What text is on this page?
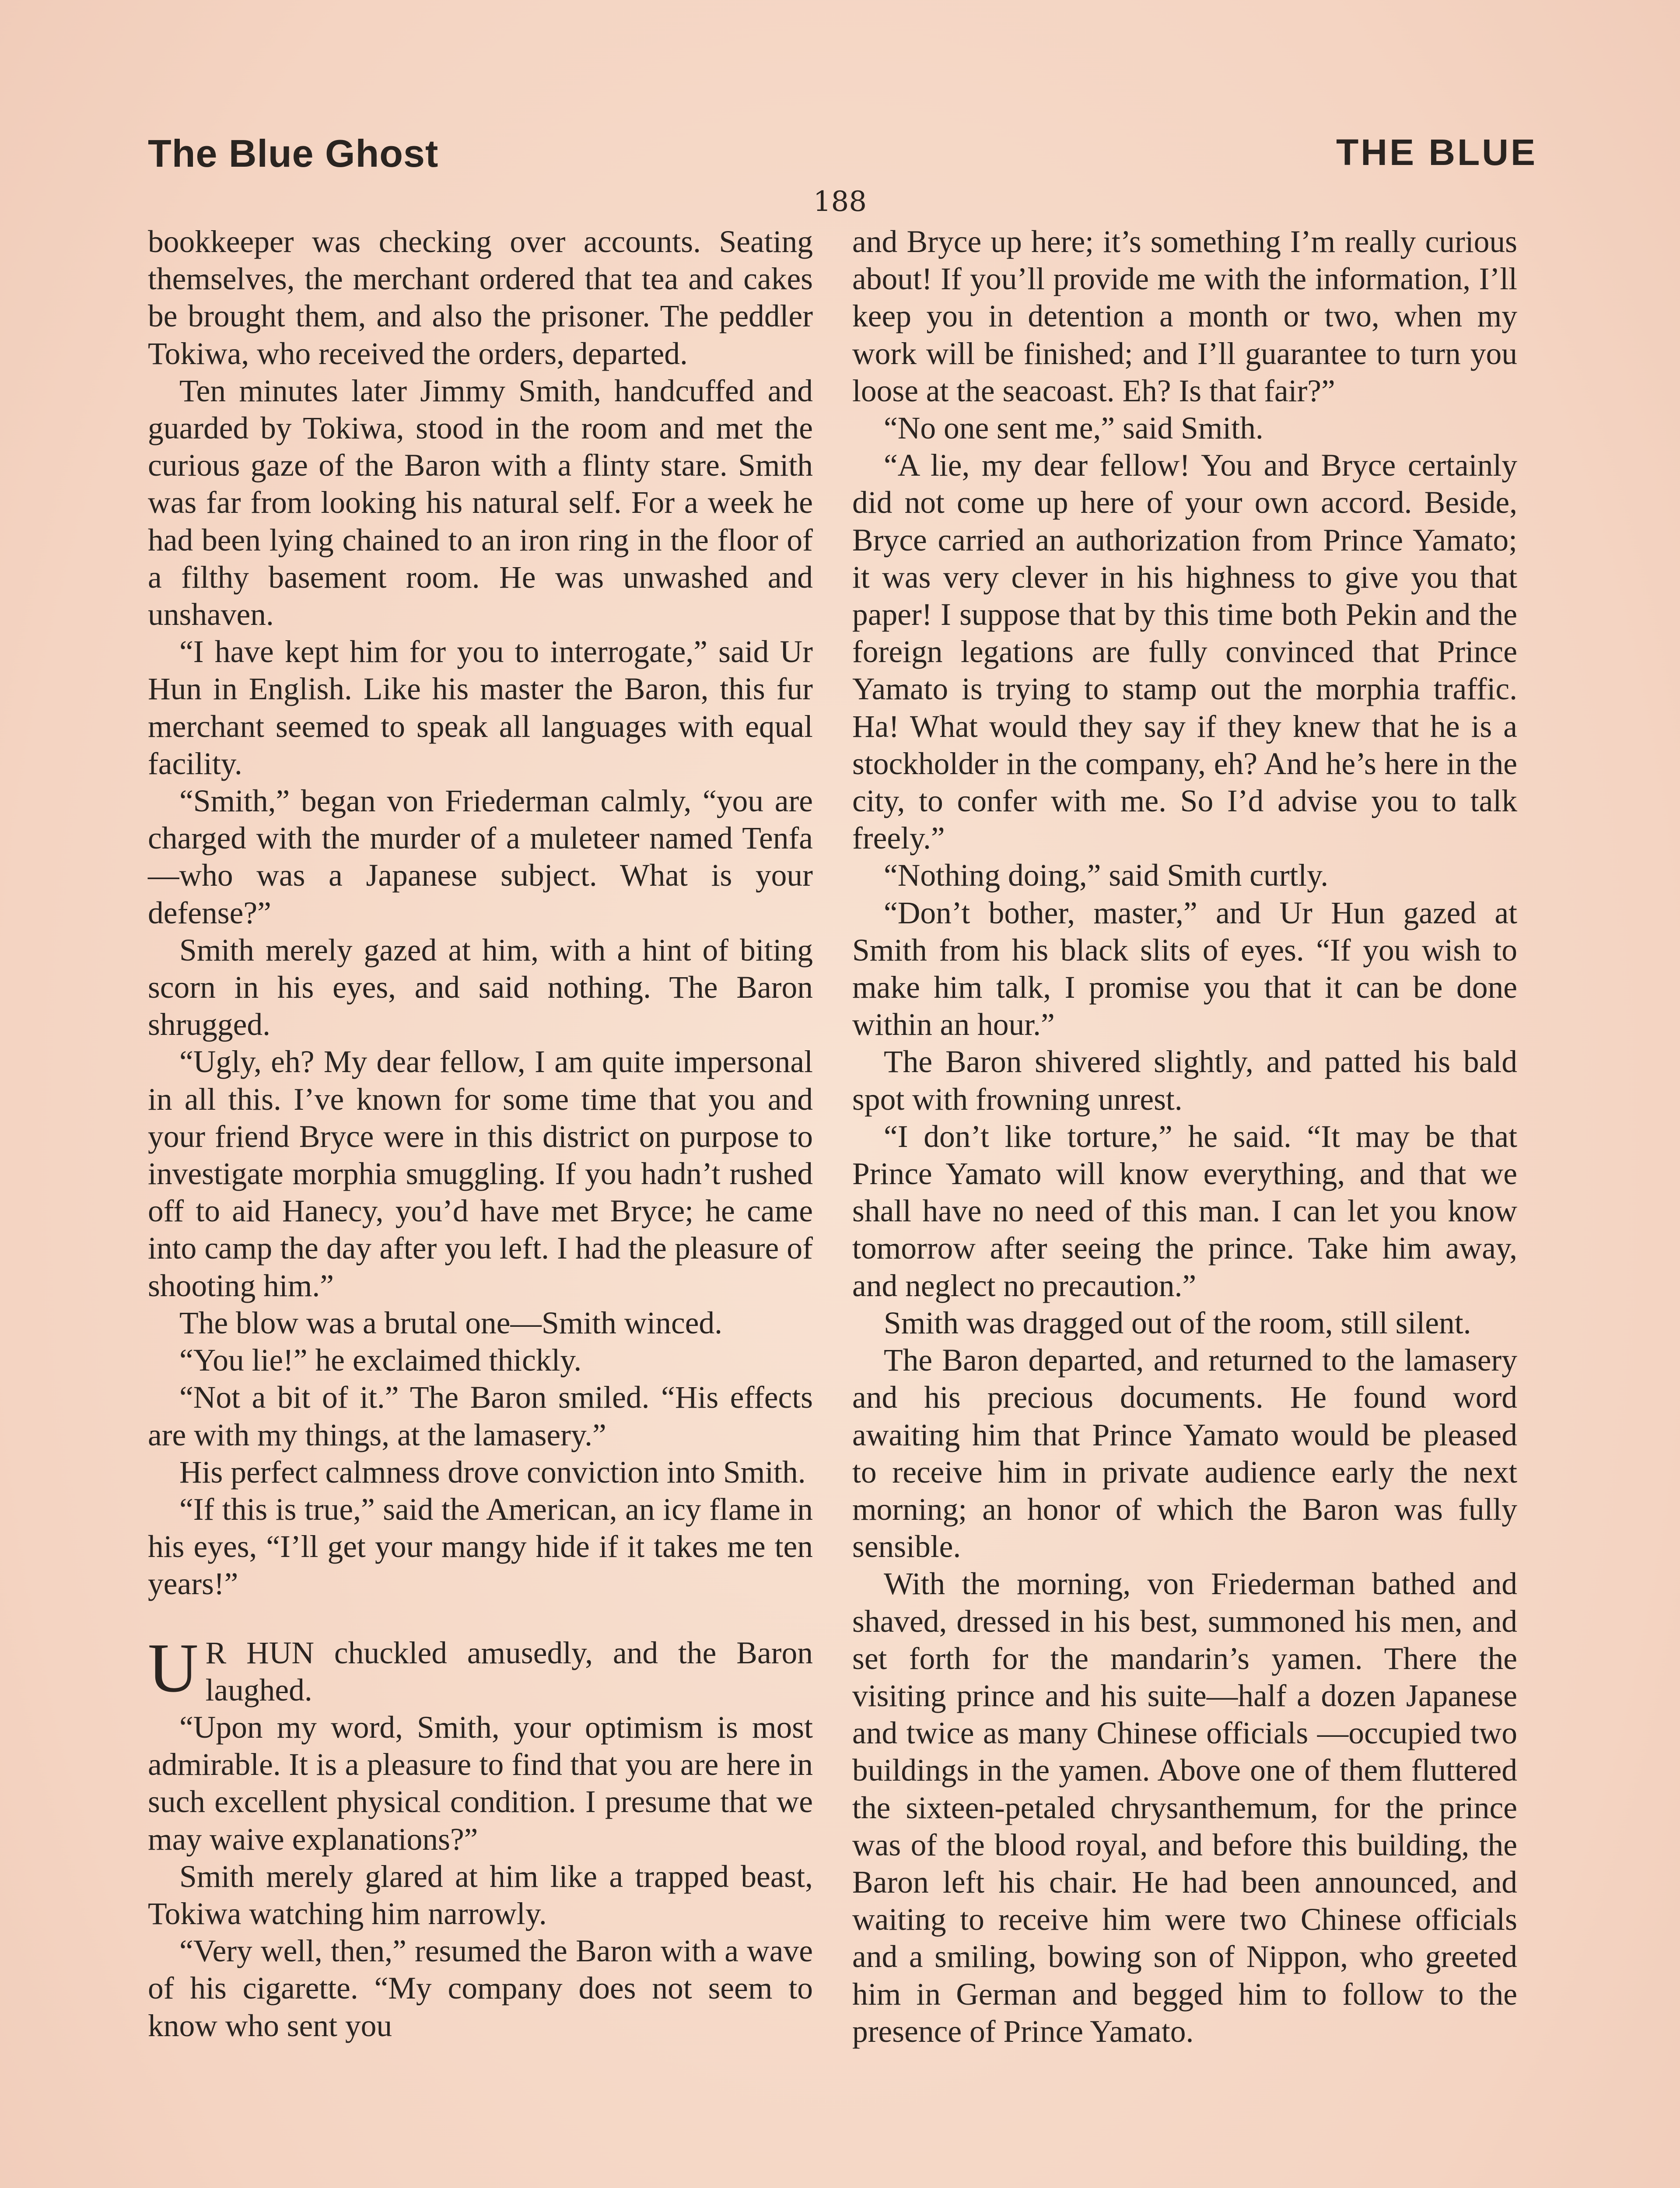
The Blue Ghost	THE BLUE
188

bookkeeper was checking over accounts. Seating themselves, the merchant ordered that tea and cakes be brought them, and also the prisoner. The peddler Tokiwa, who received the orders, departed.

Ten minutes later Jimmy Smith, handcuffed and guarded by Tokiwa, stood in the room and met the curious gaze of the Baron with a flinty stare. Smith was far from looking his natural self. For a week he had been lying chained to an iron ring in the floor of a filthy basement room. He was unwashed and unshaven.

“I have kept him for you to interrogate,” said Ur Hun in English. Like his master the Baron, this fur merchant seemed to speak all languages with equal facility.

“Smith,” began von Friederman calmly, “you are charged with the murder of a muleteer named Tenfa—who was a Japanese subject. What is your defense?”

Smith merely gazed at him, with a hint of biting scorn in his eyes, and said nothing. The Baron shrugged.

“Ugly, eh? My dear fellow, I am quite impersonal in all this. I’ve known for some time that you and your friend Bryce were in this district on purpose to investigate morphia smuggling. If you hadn’t rushed off to aid Hanecy, you’d have met Bryce; he came into camp the day after you left. I had the pleasure of shooting him.”

The blow was a brutal one—Smith winced.

“You lie!” he exclaimed thickly.

“Not a bit of it.” The Baron smiled. “His effects are with my things, at the lamasery.”

His perfect calmness drove conviction into Smith.

“If this is true,” said the American, an icy flame in his eyes, “I’ll get your mangy hide if it takes me ten years!”

U R HUN chuckled amusedly, and the Baron laughed.

“Upon my word, Smith, your optimism is most admirable. It is a pleasure to find that you are here in such excellent physical condition. I presume that we may waive explanations?”

Smith merely glared at him like a trapped beast, Tokiwa watching him narrowly.

“Very well, then,” resumed the Baron with a wave of his cigarette. “My company does not seem to know who sent you

and Bryce up here; it’s something I’m really curious about! If you’ll provide me with the information, I’ll keep you in detention a month or two, when my work will be finished; and I’ll guarantee to turn you loose at the seacoast. Eh? Is that fair?”

“No one sent me,” said Smith.

“A lie, my dear fellow! You and Bryce certainly did not come up here of your own accord. Beside, Bryce carried an authorization from Prince Yamato; it was very clever in his highness to give you that paper! I suppose that by this time both Pekin and the foreign legations are fully convinced that Prince Yamato is trying to stamp out the morphia traffic. Ha! What would they say if they knew that he is a stockholder in the company, eh? And he’s here in the city, to confer with me. So I’d advise you to talk freely.”

“Nothing doing,” said Smith curtly.

“Don’t bother, master,” and Ur Hun gazed at Smith from his black slits of eyes. “If you wish to make him talk, I promise you that it can be done within an hour.”

The Baron shivered slightly, and patted his bald spot with frowning unrest.

“I don’t like torture,” he said. “It may be that Prince Yamato will know everything, and that we shall have no need of this man. I can let you know tomorrow after seeing the prince. Take him away, and neglect no precaution.”

Smith was dragged out of the room, still silent.

The Baron departed, and returned to the lamasery and his precious documents. He found word awaiting him that Prince Yamato would be pleased to receive him in private audience early the next morning; an honor of which the Baron was fully sensible.

With the morning, von Friederman bathed and shaved, dressed in his best, summoned his men, and set forth for the mandarin’s yamen. There the visiting prince and his suite—half a dozen Japanese and twice as many Chinese officials —occupied two buildings in the yamen. Above one of them fluttered the sixteen-petaled chrysanthemum, for the prince was of the blood royal, and before this building, the Baron left his chair. He had been announced, and waiting to receive him were two Chinese officials and a smiling, bowing son of Nippon, who greeted him in German and begged him to follow to the presence of Prince Yamato.
